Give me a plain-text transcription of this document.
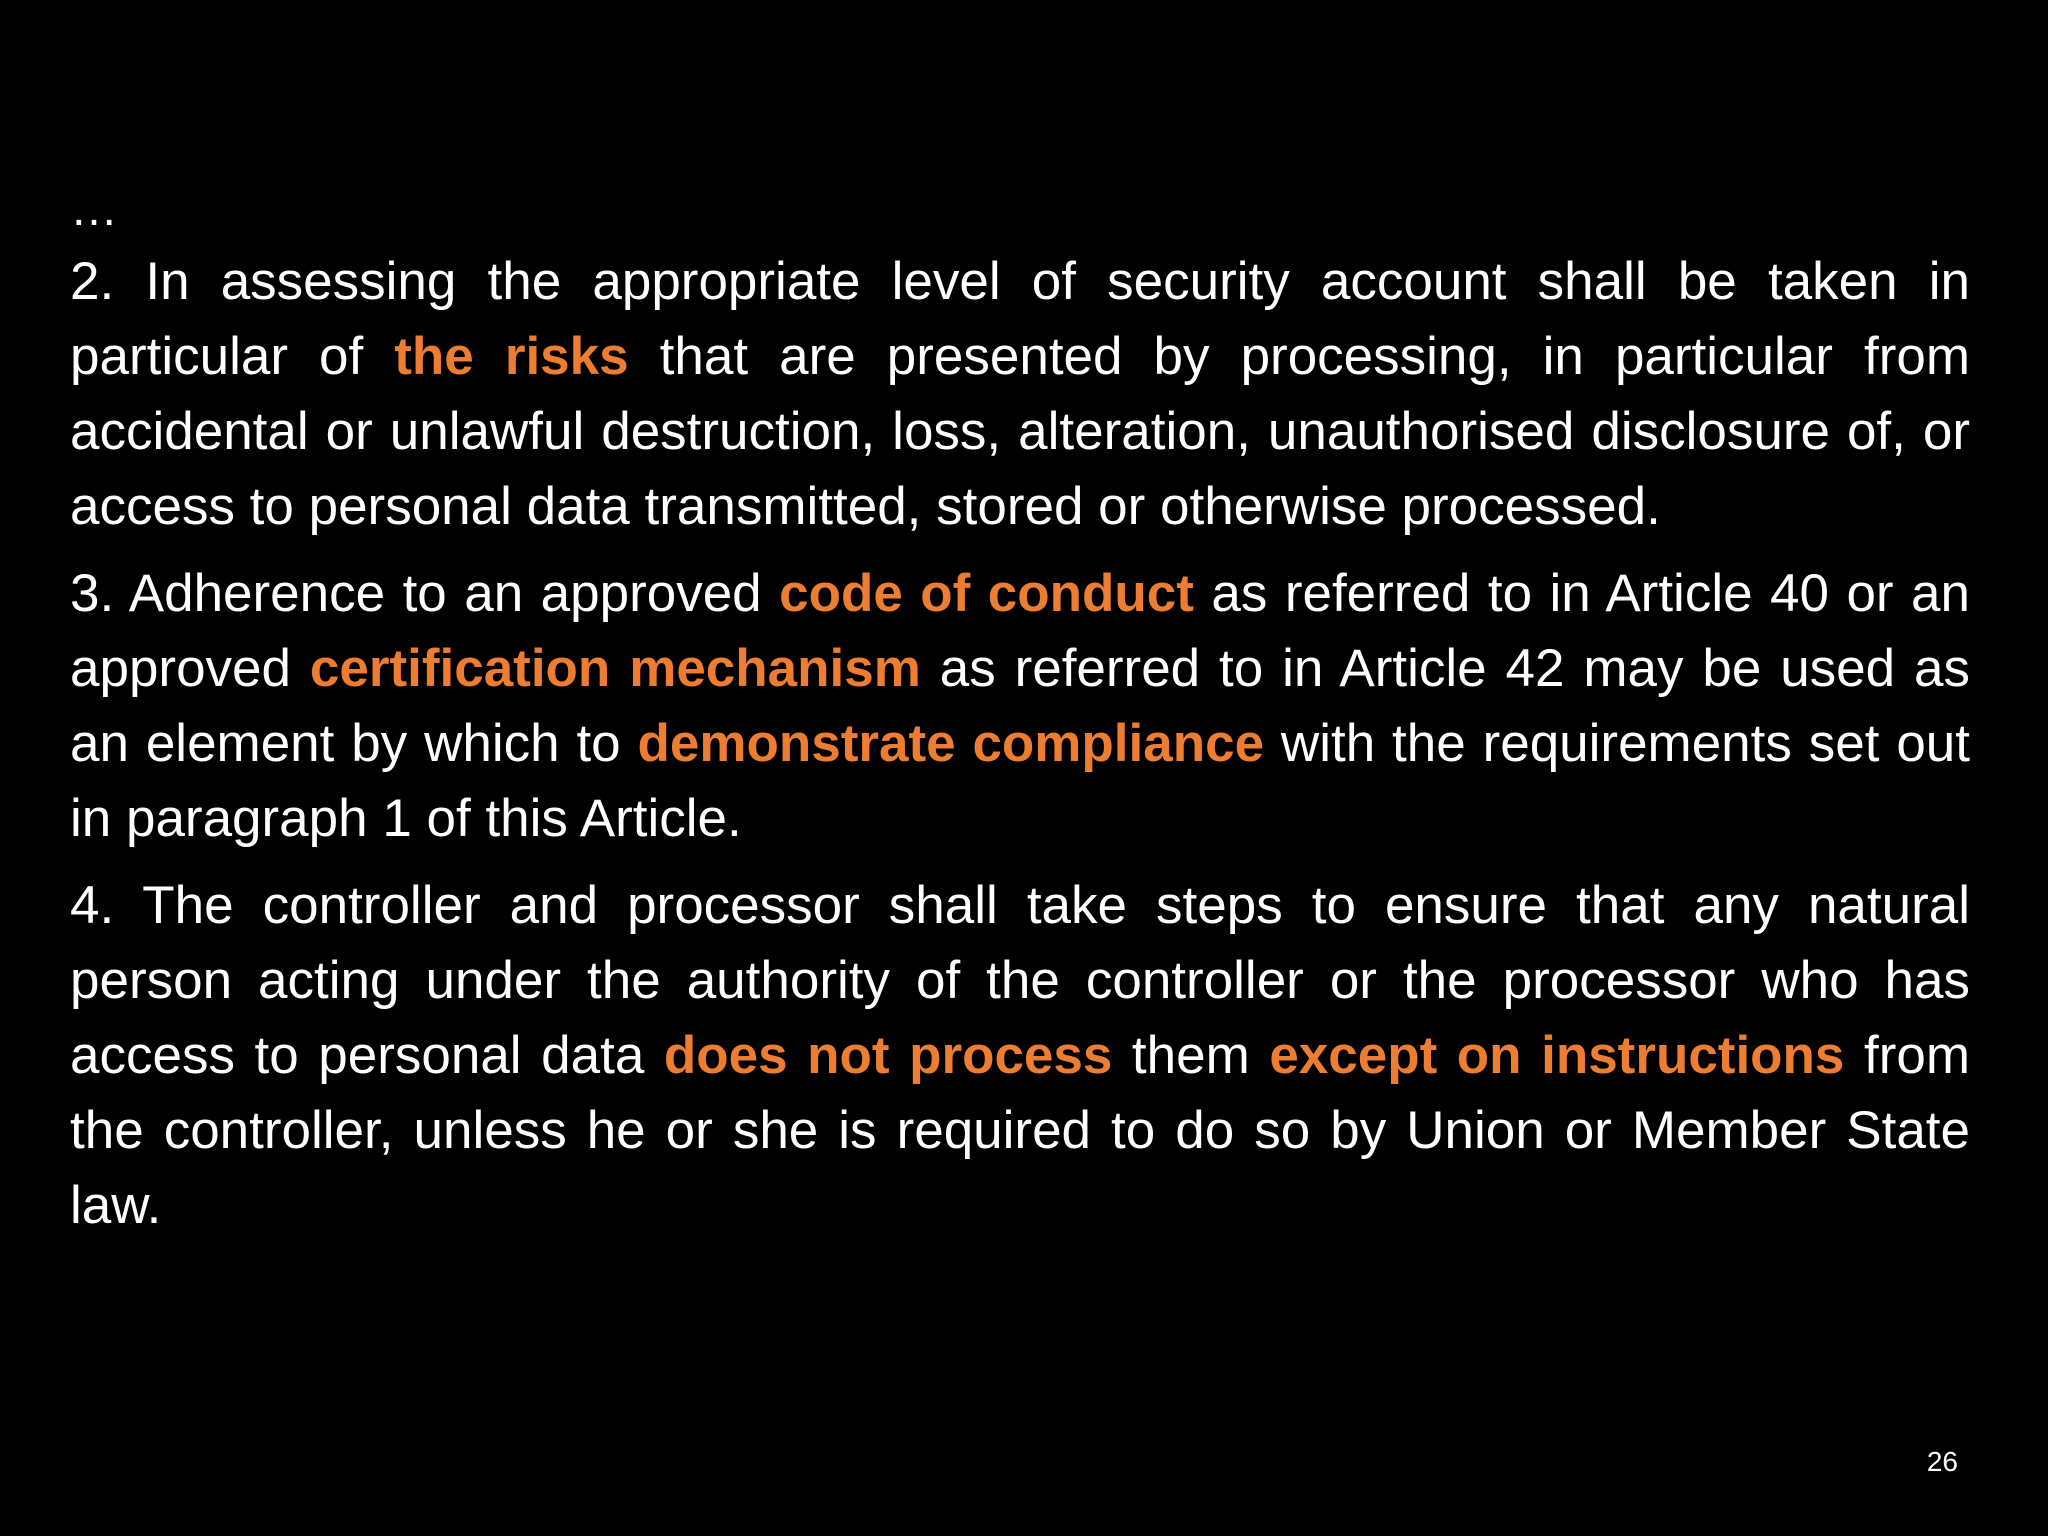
…

2. In assessing the appropriate level of security account shall be taken in particular of the risks that are presented by processing, in particular from accidental or unlawful destruction, loss, alteration, unauthorised disclosure of, or access to personal data transmitted, stored or otherwise processed.

3. Adherence to an approved code of conduct as referred to in Article 40 or an approved certification mechanism as referred to in Article 42 may be used as an element by which to demonstrate compliance with the requirements set out in paragraph 1 of this Article.

4. The controller and processor shall take steps to ensure that any natural person acting under the authority of the controller or the processor who has access to personal data does not process them except on instructions from the controller, unless he or she is required to do so by Union or Member State law.

26
